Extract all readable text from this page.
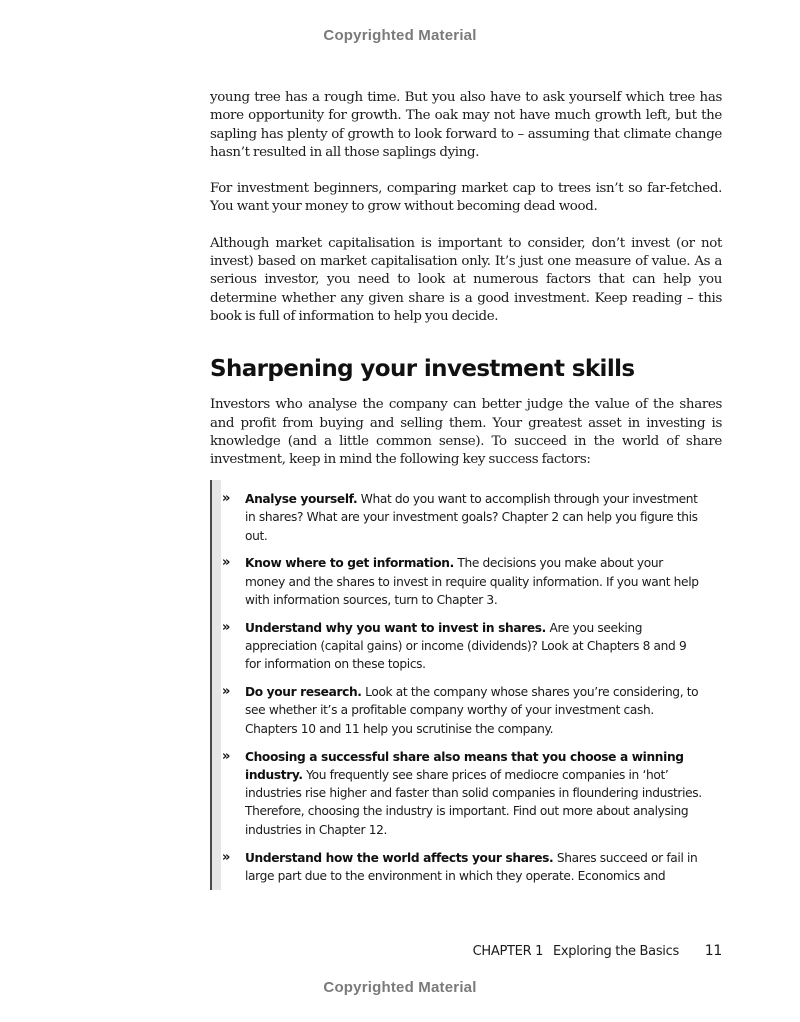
Copyrighted Material

young tree has a rough time. But you also have to ask yourself which tree has more opportunity for growth. The oak may not have much growth left, but the sapling has plenty of growth to look forward to – assuming that climate change hasn’t resulted in all those saplings dying.

For investment beginners, comparing market cap to trees isn’t so far-fetched. You want your money to grow without becoming dead wood.

Although market capitalisation is important to consider, don’t invest (or not invest) based on market capitalisation only. It’s just one measure of value. As a serious investor, you need to look at numerous factors that can help you determine whether any given share is a good investment. Keep reading – this book is full of information to help you decide.

Sharpening your investment skills

Investors who analyse the company can better judge the value of the shares and profit from buying and selling them. Your greatest asset in investing is knowledge (and a little common sense). To succeed in the world of share investment, keep in mind the following key success factors:

»	Analyse yourself. What do you want to accomplish through your investment in shares? What are your investment goals? Chapter 2 can help you figure this out.
»	Know where to get information. The decisions you make about your money and the shares to invest in require quality information. If you want help with information sources, turn to Chapter 3.
»	Understand why you want to invest in shares. Are you seeking appreciation (capital gains) or income (dividends)? Look at Chapters 8 and 9 for information on these topics.
»	Do your research. Look at the company whose shares you’re considering, to see whether it’s a profitable company worthy of your investment cash. Chapters 10 and 11 help you scrutinise the company.
»	Choosing a successful share also means that you choose a winning industry. You frequently see share prices of mediocre companies in ‘hot’ industries rise higher and faster than solid companies in floundering industries. Therefore, choosing the industry is important. Find out more about analysing industries in Chapter 12.
»	Understand how the world affects your shares. Shares succeed or fail in large part due to the environment in which they operate. Economics and
CHAPTER 1 Exploring the Basics 11
Copyrighted Material
